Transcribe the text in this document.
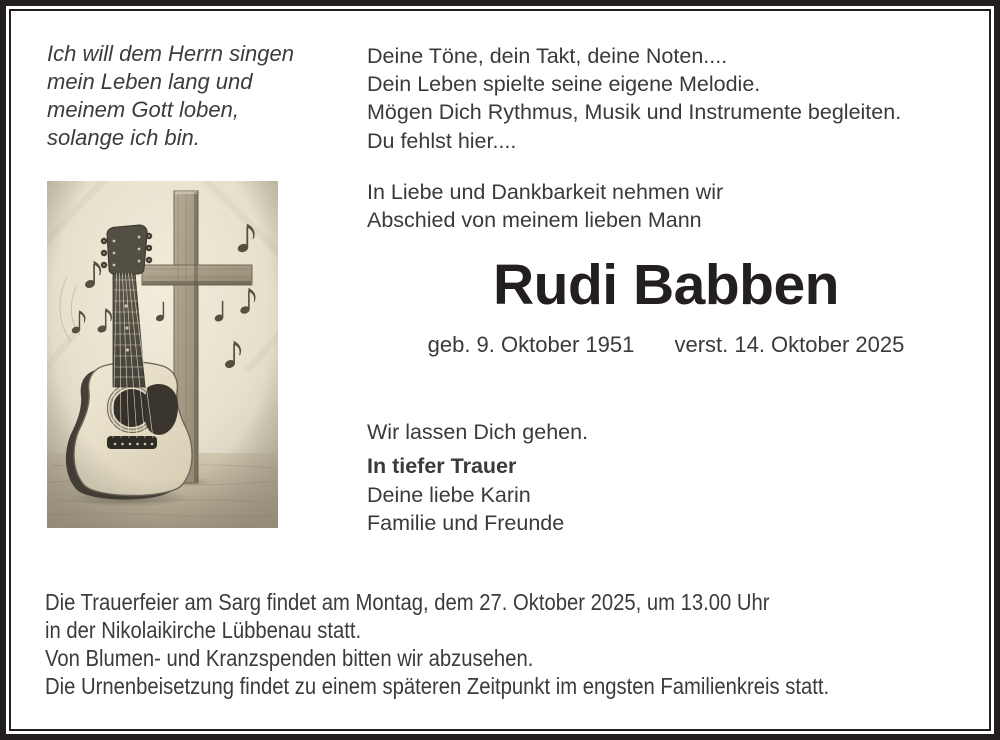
Ich will dem Herrn singen
mein Leben lang und
meinem Gott loben,
solange ich bin.
Deine Töne, dein Takt, deine Noten....
Dein Leben spielte seine eigene Melodie.
Mögen Dich Rythmus, Musik und Instrumente begleiten.
Du fehlst hier....
In Liebe und Dankbarkeit nehmen wir
Abschied von meinem lieben Mann
Rudi Babben
geb. 9. Oktober 1951 verst. 14. Oktober 2025
Wir lassen Dich gehen.
In tiefer Trauer
Deine liebe Karin
Familie und Freunde
Die Trauerfeier am Sarg findet am Montag, dem 27. Oktober 2025, um 13.00 Uhr
in der Nikolaikirche Lübbenau statt.
Von Blumen- und Kranzspenden bitten wir abzusehen.
Die Urnenbeisetzung findet zu einem späteren Zeitpunkt im engsten Familienkreis statt.
